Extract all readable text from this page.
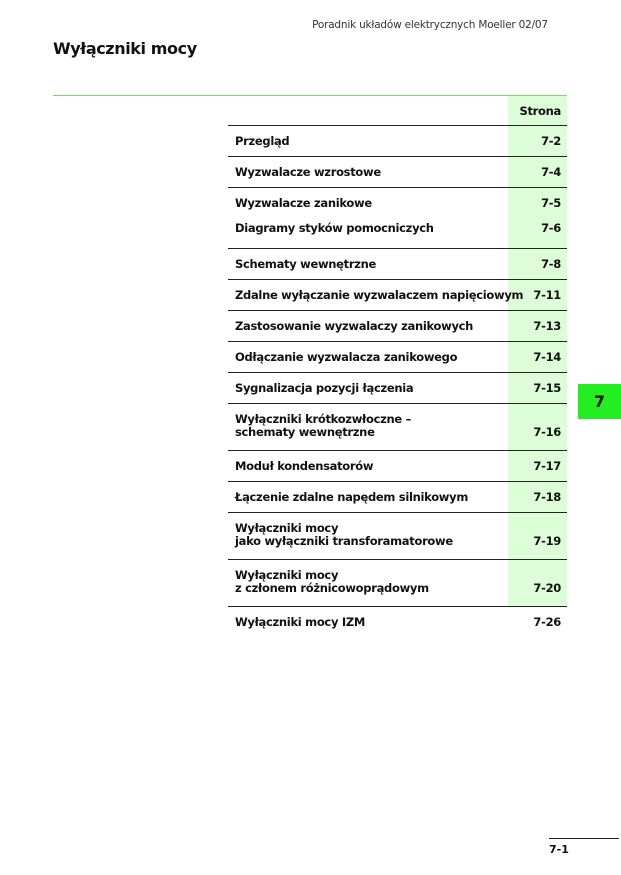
Poradnik układów elektrycznych Moeller 02/07
Wyłączniki mocy
Strona
Przegląd	7-2
Wyzwalacze wzrostowe	7-4
Wyzwalacze zanikowe	7-5
Diagramy styków pomocniczych	7-6
Schematy wewnętrzne	7-8
Zdalne wyłączanie wyzwalaczem napięciowym 7-11
Zastosowanie wyzwalaczy zanikowych	7-13
Odłączanie wyzwalacza zanikowego	7-14
Sygnalizacja pozycji łączenia	7-15
Wyłączniki krótkozwłoczne –
schematy wewnętrzne	7-16
Moduł kondensatorów	7-17
Łączenie zdalne napędem silnikowym	7-18
Wyłączniki mocy
jako wyłączniki transforamatorowe	7-19
Wyłączniki mocy
z członem różnicowoprądowym	7-20
Wyłączniki mocy IZM	7-26
7
7-1
